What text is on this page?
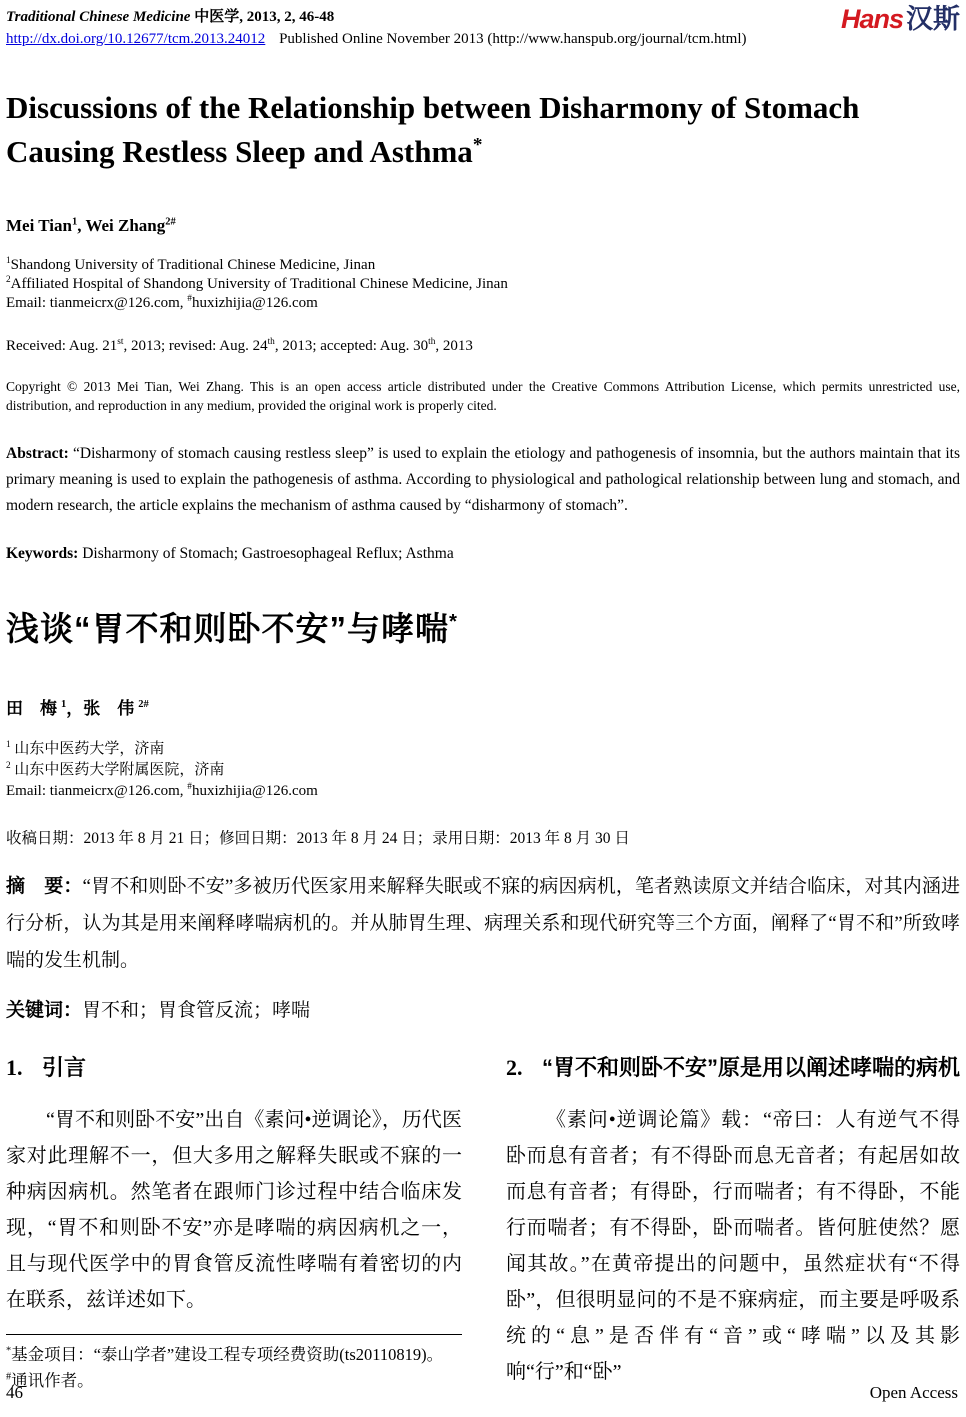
Traditional Chinese Medicine 中医学, 2013, 2, 46-48
http://dx.doi.org/10.12677/tcm.2013.24012 Published Online November 2013 (http://www.hanspub.org/journal/tcm.html)
Hans 汉斯
Discussions of the Relationship between Disharmony of Stomach Causing Restless Sleep and Asthma*
Mei Tian$^1$, Wei Zhang$^{2\#}$
$^1$Shandong University of Traditional Chinese Medicine, Jinan
$^2$Affiliated Hospital of Shandong University of Traditional Chinese Medicine, Jinan
Email: tianmeicrx@126.com, #huxizhijia@126.com
Received: Aug. 21st, 2013; revised: Aug. 24th, 2013; accepted: Aug. 30th, 2013

Copyright © 2013 Mei Tian, Wei Zhang. This is an open access article distributed under the Creative Commons Attribution License, which permits unrestricted use, distribution, and reproduction in any medium, provided the original work is properly cited.

Abstract: “Disharmony of stomach causing restless sleep” is used to explain the etiology and pathogenesis of insomnia, but the authors maintain that its primary meaning is used to explain the pathogenesis of asthma. According to physiological and pathological relationship between lung and stomach, and modern research, the article explains the mechanism of asthma caused by “disharmony of stomach”.

Keywords: Disharmony of Stomach; Gastroesophageal Reflux; Asthma

浅谈“胃不和则卧不安”与哮喘*
田　梅 $^1$，张　伟 $^{2\#}$
$^1$ 山东中医药大学，济南
$^2$ 山东中医药大学附属医院，济南
Email: tianmeicrx@126.com, #huxizhijia@126.com
收稿日期：2013 年 8 月 21 日；修回日期：2013 年 8 月 24 日；录用日期：2013 年 8 月 30 日

摘　要：“胃不和则卧不安”多被历代医家用来解释失眠或不寐的病因病机，笔者熟读原文并结合临床，对其内涵进行分析，认为其是用来阐释哮喘病机的。并从肺胃生理、病理关系和现代研究等三个方面，阐释了“胃不和”所致哮喘的发生机制。

关键词：胃不和；胃食管反流；哮喘

1. 引言

“胃不和则卧不安”出自《素问•逆调论》，历代医家对此理解不一，但大多用之解释失眠或不寐的一种病因病机。然笔者在跟师门诊过程中结合临床发现，“胃不和则卧不安”亦是哮喘的病因病机之一，且与现代医学中的胃食管反流性哮喘有着密切的内在联系，兹详述如下。

*基金项目：“泰山学者”建设工程专项经费资助(ts20110819)。
#通讯作者。
2. “胃不和则卧不安”原是用以阐述哮喘的病机

《素问•逆调论篇》载：“帝曰：人有逆气不得卧而息有音者；有不得卧而息无音者；有起居如故而息有音者；有得卧，行而喘者；有不得卧，不能行而喘者；有不得卧，卧而喘者。皆何脏使然？愿闻其故。”在黄帝提出的问题中，虽然症状有“不得卧”，但很明显问的不是不寐病症，而主要是呼吸系统的“息”是否伴有“音”或“哮喘”以及其影响“行”和“卧”

46	Open Access
